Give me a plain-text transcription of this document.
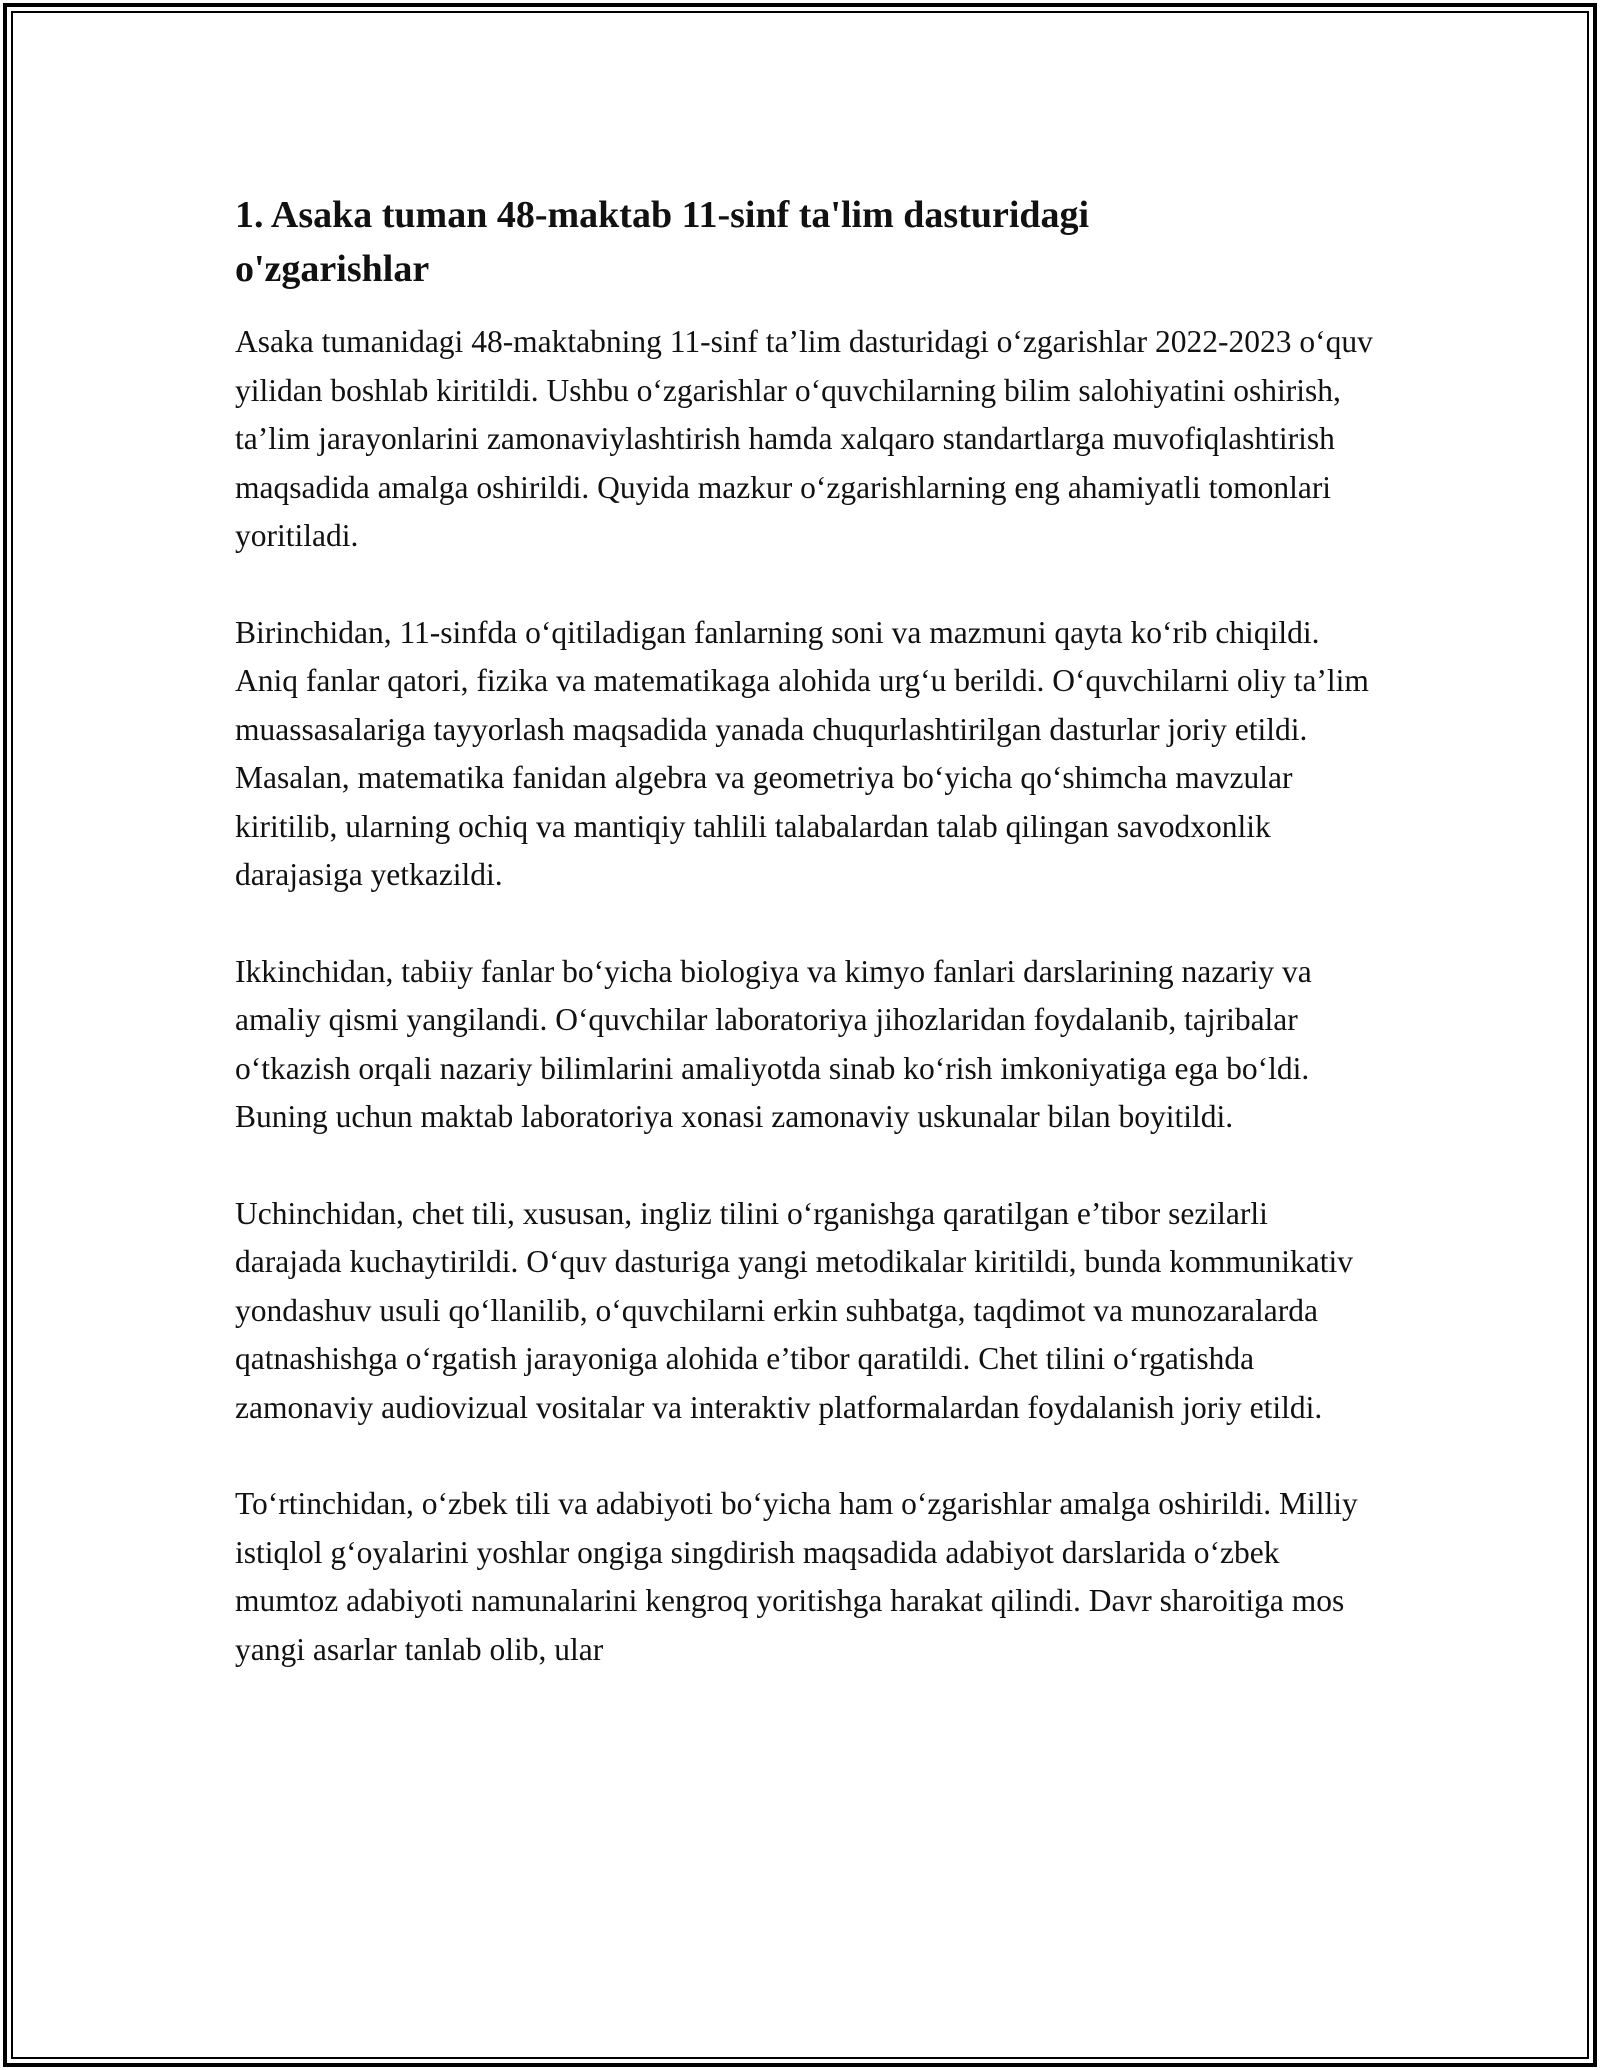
1. Asaka tuman 48-maktab 11-sinf ta'lim dasturidagi o'zgarishlar

Asaka tumanidagi 48-maktabning 11-sinf ta’lim dasturidagi o‘zgarishlar 2022-2023 o‘quv yilidan boshlab kiritildi. Ushbu o‘zgarishlar o‘quvchilarning bilim salohiyatini oshirish, ta’lim jarayonlarini zamonaviylashtirish hamda xalqaro standartlarga muvofiqlashtirish maqsadida amalga oshirildi. Quyida mazkur o‘zgarishlarning eng ahamiyatli tomonlari yoritiladi.

Birinchidan, 11-sinfda o‘qitiladigan fanlarning soni va mazmuni qayta ko‘rib chiqildi. Aniq fanlar qatori, fizika va matematikaga alohida urg‘u berildi. O‘quvchilarni oliy ta’lim muassasalariga tayyorlash maqsadida yanada chuqurlashtirilgan dasturlar joriy etildi. Masalan, matematika fanidan algebra va geometriya bo‘yicha qo‘shimcha mavzular kiritilib, ularning ochiq va mantiqiy tahlili talabalardan talab qilingan savodxonlik darajasiga yetkazildi.

Ikkinchidan, tabiiy fanlar bo‘yicha biologiya va kimyo fanlari darslarining nazariy va amaliy qismi yangilandi. O‘quvchilar laboratoriya jihozlaridan foydalanib, tajribalar o‘tkazish orqali nazariy bilimlarini amaliyotda sinab ko‘rish imkoniyatiga ega bo‘ldi. Buning uchun maktab laboratoriya xonasi zamonaviy uskunalar bilan boyitildi.

Uchinchidan, chet tili, xususan, ingliz tilini o‘rganishga qaratilgan e’tibor sezilarli darajada kuchaytirildi. O‘quv dasturiga yangi metodikalar kiritildi, bunda kommunikativ yondashuv usuli qo‘llanilib, o‘quvchilarni erkin suhbatga, taqdimot va munozaralarda qatnashishga o‘rgatish jarayoniga alohida e’tibor qaratildi. Chet tilini o‘rgatishda zamonaviy audiovizual vositalar va interaktiv platformalardan foydalanish joriy etildi.

To‘rtinchidan, o‘zbek tili va adabiyoti bo‘yicha ham o‘zgarishlar amalga oshirildi. Milliy istiqlol g‘oyalarini yoshlar ongiga singdirish maqsadida adabiyot darslarida o‘zbek mumtoz adabiyoti namunalarini kengroq yoritishga harakat qilindi. Davr sharoitiga mos yangi asarlar tanlab olib, ular
